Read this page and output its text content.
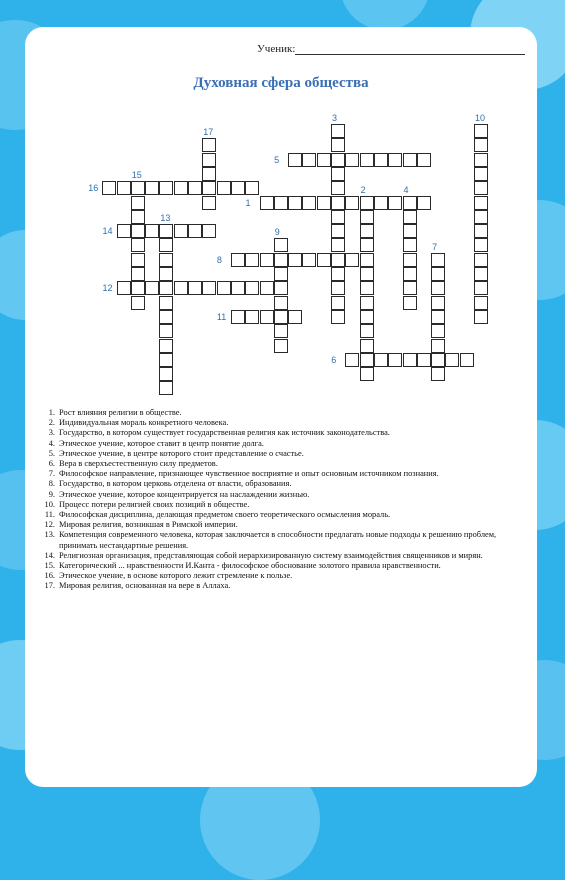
Ученик:
Духовная сфера общества
1
2
3
4
5
6
7
8
9
10
11
12
13
14
15
16
17
1. Рост влияния религии в обществе.
2. Индивидуальная мораль конкретного человека.
3. Государство, в котором существует государственная религия как источник законодательства.
4. Этическое учение, которое ставит в центр понятие долга.
5. Этическое учение, в центре которого стоит представление о счастье.
6. Вера в сверхъестественную силу предметов.
7. Философское направление, признающее чувственное восприятие и опыт основным источником познания.
8. Государство, в котором церковь отделена от власти, образования.
9. Этическое учение, которое концентрируется на наслаждении жизнью.
10. Процесс потери религией своих позиций в обществе.
11. Философская дисциплина, делающая предметом своего теоретического осмысления мораль.
12. Мировая религия, возникшая в Римской империи.
13. Компетенция современного человека, которая заключается в способности предлагать новые подходы к решению проблем, принимать нестандартные решения.
14. Религиозная организация, представляющая собой иерархизированную систему взаимодействия священников и мирян.
15. Категорический ... нравственности И.Канта - философское обоснование золотого правила нравственности.
16. Этическое учение, в основе которого лежит стремление к пользе.
17. Мировая религия, основанная на вере в Аллаха.
